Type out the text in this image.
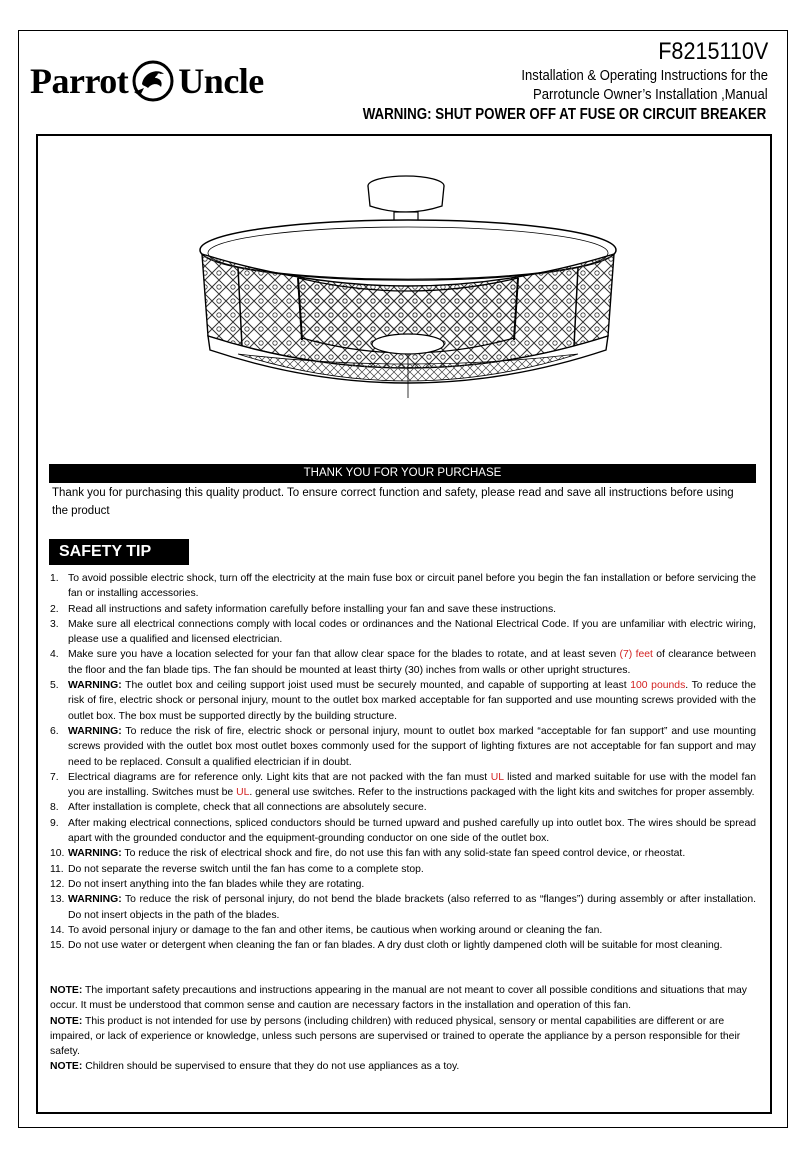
Parrot Uncle
F8215110V
Installation & Operating Instructions for the
Parrotuncle Owner’s Installation ,Manual
WARNING: SHUT POWER OFF AT FUSE OR CIRCUIT BREAKER
THANK YOU FOR YOUR PURCHASE
Thank you for purchasing this quality product. To ensure correct function and safety, please read and save all instructions before using the product
SAFETY TIP
1. To avoid possible electric shock, turn off the electricity at the main fuse box or circuit panel before you begin the fan installation or before servicing the fan or installing accessories.
2. Read all instructions and safety information carefully before installing your fan and save these instructions.
3. Make sure all electrical connections comply with local codes or ordinances and the National Electrical Code. If you are unfamiliar with electric wiring, please use a qualified and licensed electrician.
4. Make sure you have a location selected for your fan that allow clear space for the blades to rotate, and at least seven (7) feet of clearance between the floor and the fan blade tips. The fan should be mounted at least thirty (30) inches from walls or other upright structures.
5. WARNING: The outlet box and ceiling support joist used must be securely mounted, and capable of supporting at least 100 pounds. To reduce the risk of fire, electric shock or personal injury, mount to the outlet box marked acceptable for fan supported and use mounting screws provided with the outlet box. The box must be supported directly by the building structure.
6. WARNING: To reduce the risk of fire, electric shock or personal injury, mount to outlet box marked “acceptable for fan support” and use mounting screws provided with the outlet box most outlet boxes commonly used for the support of lighting fixtures are not acceptable for fan support and may need to be replaced. Consult a qualified electrician if in doubt.
7. Electrical diagrams are for reference only. Light kits that are not packed with the fan must UL listed and marked suitable for use with the model fan you are installing. Switches must be UL. general use switches. Refer to the instructions packaged with the light kits and switches for proper assembly.
8. After installation is complete, check that all connections are absolutely secure.
9. After making electrical connections, spliced conductors should be turned upward and pushed carefully up into outlet box. The wires should be spread apart with the grounded conductor and the equipment-grounding conductor on one side of the outlet box.
10. WARNING: To reduce the risk of electrical shock and fire, do not use this fan with any solid-state fan speed control device, or rheostat.
11. Do not separate the reverse switch until the fan has come to a complete stop.
12. Do not insert anything into the fan blades while they are rotating.
13. WARNING: To reduce the risk of personal injury, do not bend the blade brackets (also referred to as “flanges”) during assembly or after installation. Do not insert objects in the path of the blades.
14. To avoid personal injury or damage to the fan and other items, be cautious when working around or cleaning the fan.
15. Do not use water or detergent when cleaning the fan or fan blades. A dry dust cloth or lightly dampened cloth will be suitable for most cleaning.

NOTE: The important safety precautions and instructions appearing in the manual are not meant to cover all possible conditions and situations that may occur. It must be understood that common sense and caution are necessary factors in the installation and operation of this fan.

NOTE: This product is not intended for use by persons (including children) with reduced physical, sensory or mental capabilities are different or are impaired, or lack of experience or knowledge, unless such persons are supervised or trained to operate the appliance by a person responsible for their safety.

NOTE: Children should be supervised to ensure that they do not use appliances as a toy.
